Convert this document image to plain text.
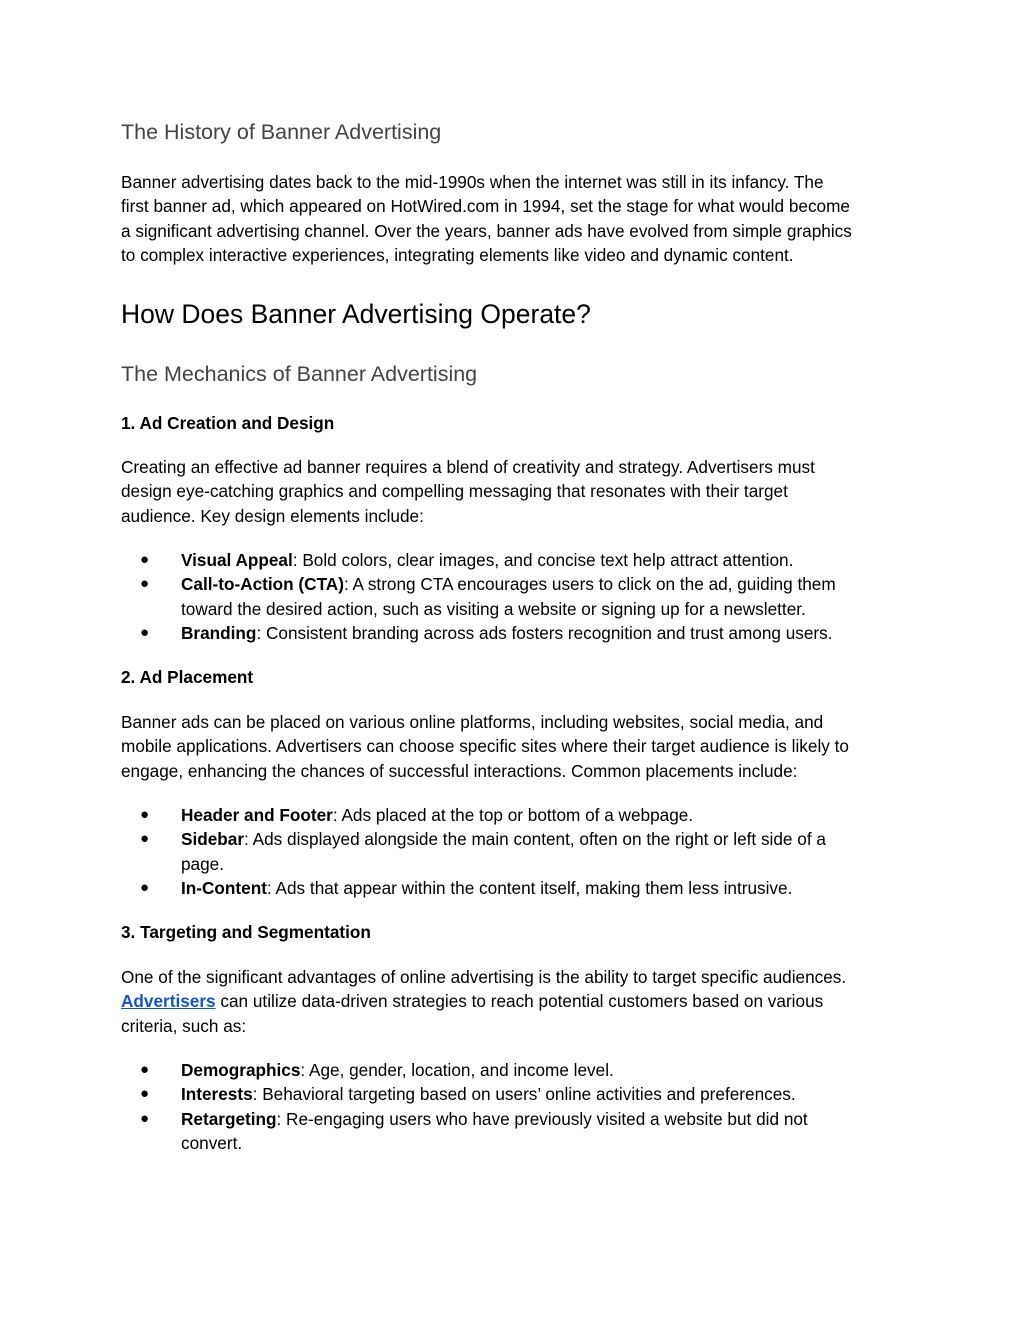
The History of Banner Advertising
Banner advertising dates back to the mid-1990s when the internet was still in its infancy. The
first banner ad, which appeared on HotWired.com in 1994, set the stage for what would become
a significant advertising channel. Over the years, banner ads have evolved from simple graphics
to complex interactive experiences, integrating elements like video and dynamic content.
How Does Banner Advertising Operate?
The Mechanics of Banner Advertising
1. Ad Creation and Design
Creating an effective ad banner requires a blend of creativity and strategy. Advertisers must
design eye-catching graphics and compelling messaging that resonates with their target
audience. Key design elements include:
● Visual Appeal: Bold colors, clear images, and concise text help attract attention.
● Call-to-Action (CTA): A strong CTA encourages users to click on the ad, guiding them
toward the desired action, such as visiting a website or signing up for a newsletter.
● Branding: Consistent branding across ads fosters recognition and trust among users.
2. Ad Placement
Banner ads can be placed on various online platforms, including websites, social media, and
mobile applications. Advertisers can choose specific sites where their target audience is likely to
engage, enhancing the chances of successful interactions. Common placements include:
● Header and Footer: Ads placed at the top or bottom of a webpage.
● Sidebar: Ads displayed alongside the main content, often on the right or left side of a
page.
● In-Content: Ads that appear within the content itself, making them less intrusive.
3. Targeting and Segmentation
One of the significant advantages of online advertising is the ability to target specific audiences.
Advertisers can utilize data-driven strategies to reach potential customers based on various
criteria, such as:
● Demographics: Age, gender, location, and income level.
● Interests: Behavioral targeting based on users’ online activities and preferences.
● Retargeting: Re-engaging users who have previously visited a website but did not
convert.
